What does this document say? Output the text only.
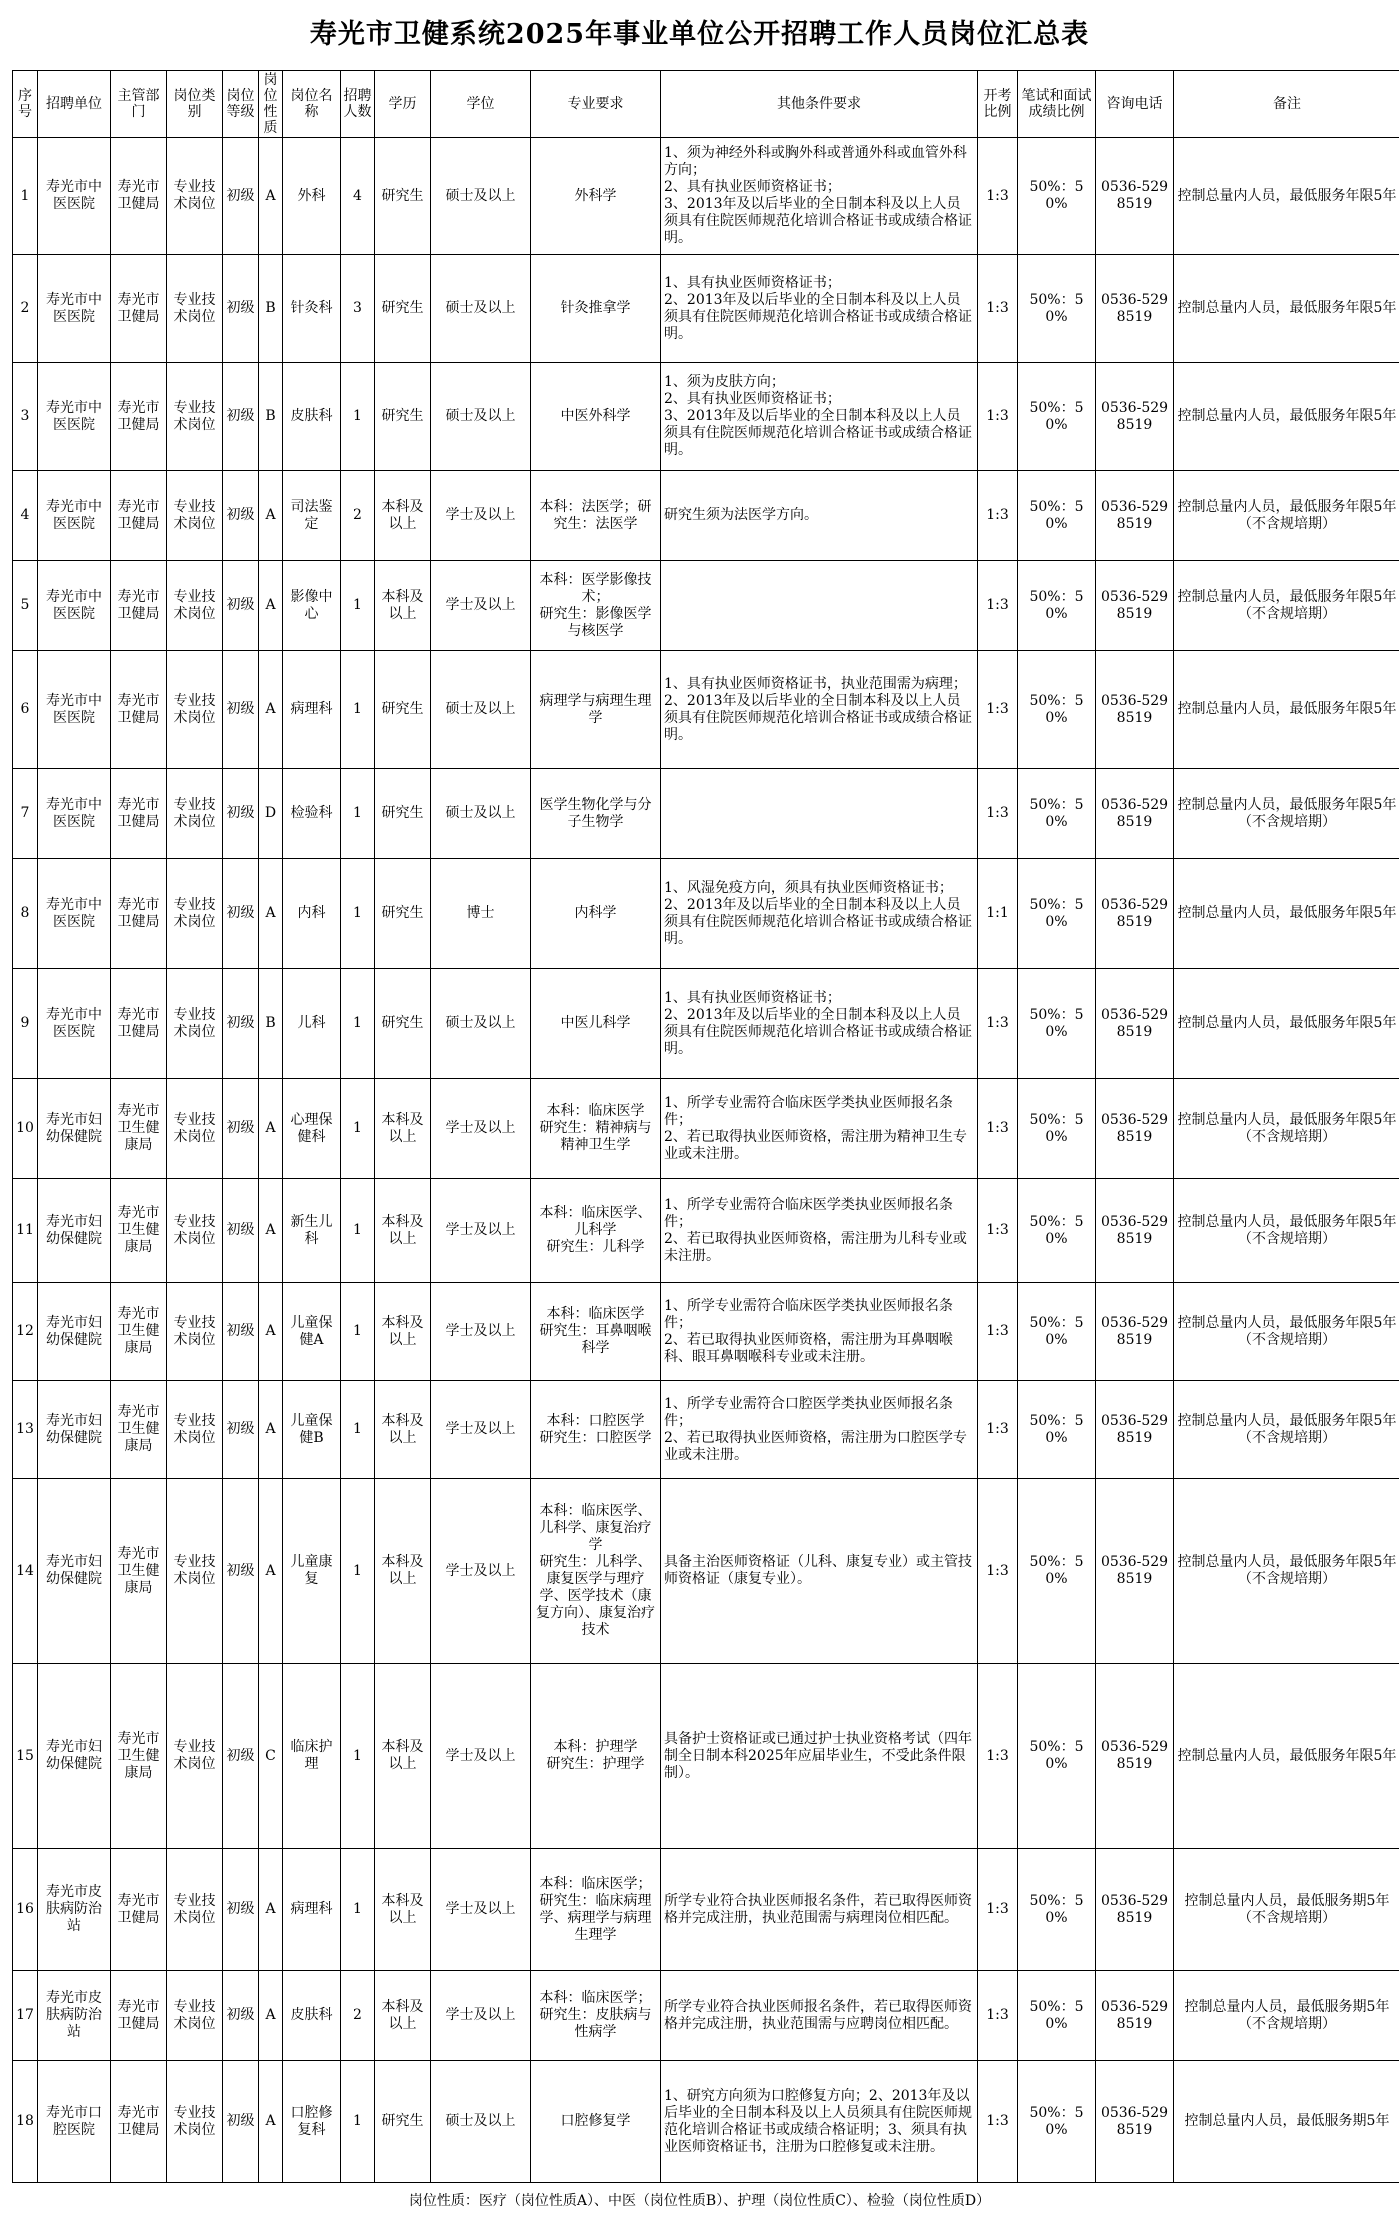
寿光市卫健系统2025年事业单位公开招聘工作人员岗位汇总表
序号	招聘单位	主管部门	岗位类别	岗位等级	岗位性质	岗位名称	招聘人数	学历	学位	专业要求	其他条件要求	开考比例	笔试和面试成绩比例	咨询电话	备注
1	寿光市中医医院	寿光市卫健局	专业技术岗位	初级	A	外科	4	研究生	硕士及以上	外科学	1、须为神经外科或胸外科或普通外科或血管外科方向；
2、具有执业医师资格证书；
3、2013年及以后毕业的全日制本科及以上人员须具有住院医师规范化培训合格证书或成绩合格证明。	1:3	50%：50%	0536-5298519	控制总量内人员，最低服务年限5年
2	寿光市中医医院	寿光市卫健局	专业技术岗位	初级	B	针灸科	3	研究生	硕士及以上	针灸推拿学	1、具有执业医师资格证书；
2、2013年及以后毕业的全日制本科及以上人员须具有住院医师规范化培训合格证书或成绩合格证明。	1:3	50%：50%	0536-5298519	控制总量内人员，最低服务年限5年
3	寿光市中医医院	寿光市卫健局	专业技术岗位	初级	B	皮肤科	1	研究生	硕士及以上	中医外科学	1、须为皮肤方向；
2、具有执业医师资格证书；
3、2013年及以后毕业的全日制本科及以上人员须具有住院医师规范化培训合格证书或成绩合格证明。	1:3	50%：50%	0536-5298519	控制总量内人员，最低服务年限5年
4	寿光市中医医院	寿光市卫健局	专业技术岗位	初级	A	司法鉴定	2	本科及以上	学士及以上	本科：法医学；研究生：法医学	研究生须为法医学方向。	1:3	50%：50%	0536-5298519	控制总量内人员，最低服务年限5年（不含规培期）
5	寿光市中医医院	寿光市卫健局	专业技术岗位	初级	A	影像中心	1	本科及以上	学士及以上	本科：医学影像技术；
研究生：影像医学与核医学		1:3	50%：50%	0536-5298519	控制总量内人员，最低服务年限5年（不含规培期）
6	寿光市中医医院	寿光市卫健局	专业技术岗位	初级	A	病理科	1	研究生	硕士及以上	病理学与病理生理学	1、具有执业医师资格证书，执业范围需为病理；
2、2013年及以后毕业的全日制本科及以上人员须具有住院医师规范化培训合格证书或成绩合格证明。	1:3	50%：50%	0536-5298519	控制总量内人员，最低服务年限5年
7	寿光市中医医院	寿光市卫健局	专业技术岗位	初级	D	检验科	1	研究生	硕士及以上	医学生物化学与分子生物学		1:3	50%：50%	0536-5298519	控制总量内人员，最低服务年限5年（不含规培期）
8	寿光市中医医院	寿光市卫健局	专业技术岗位	初级	A	内科	1	研究生	博士	内科学	1、风湿免疫方向，须具有执业医师资格证书；
2、2013年及以后毕业的全日制本科及以上人员须具有住院医师规范化培训合格证书或成绩合格证明。	1:1	50%：50%	0536-5298519	控制总量内人员，最低服务年限5年
9	寿光市中医医院	寿光市卫健局	专业技术岗位	初级	B	儿科	1	研究生	硕士及以上	中医儿科学	1、具有执业医师资格证书；
2、2013年及以后毕业的全日制本科及以上人员须具有住院医师规范化培训合格证书或成绩合格证明。	1:3	50%：50%	0536-5298519	控制总量内人员，最低服务年限5年
10	寿光市妇幼保健院	寿光市卫生健康局	专业技术岗位	初级	A	心理保健科	1	本科及以上	学士及以上	本科：临床医学
研究生：精神病与精神卫生学	1、所学专业需符合临床医学类执业医师报名条件；
2、若已取得执业医师资格，需注册为精神卫生专业或未注册。	1:3	50%：50%	0536-5298519	控制总量内人员，最低服务年限5年（不含规培期）
11	寿光市妇幼保健院	寿光市卫生健康局	专业技术岗位	初级	A	新生儿科	1	本科及以上	学士及以上	本科：临床医学、儿科学
研究生：儿科学	1、所学专业需符合临床医学类执业医师报名条件；
2、若已取得执业医师资格，需注册为儿科专业或未注册。	1:3	50%：50%	0536-5298519	控制总量内人员，最低服务年限5年（不含规培期）
12	寿光市妇幼保健院	寿光市卫生健康局	专业技术岗位	初级	A	儿童保健A	1	本科及以上	学士及以上	本科：临床医学
研究生：耳鼻咽喉科学	1、所学专业需符合临床医学类执业医师报名条件；
2、若已取得执业医师资格，需注册为耳鼻咽喉科、眼耳鼻咽喉科专业或未注册。	1:3	50%：50%	0536-5298519	控制总量内人员，最低服务年限5年（不含规培期）
13	寿光市妇幼保健院	寿光市卫生健康局	专业技术岗位	初级	A	儿童保健B	1	本科及以上	学士及以上	本科：口腔医学
研究生：口腔医学	1、所学专业需符合口腔医学类执业医师报名条件；
2、若已取得执业医师资格，需注册为口腔医学专业或未注册。	1:3	50%：50%	0536-5298519	控制总量内人员，最低服务年限5年（不含规培期）
14	寿光市妇幼保健院	寿光市卫生健康局	专业技术岗位	初级	A	儿童康复	1	本科及以上	学士及以上	本科：临床医学、儿科学、康复治疗学
研究生：儿科学、康复医学与理疗学、医学技术（康复方向）、康复治疗技术	具备主治医师资格证（儿科、康复专业）或主管技师资格证（康复专业）。	1:3	50%：50%	0536-5298519	控制总量内人员，最低服务年限5年（不含规培期）
15	寿光市妇幼保健院	寿光市卫生健康局	专业技术岗位	初级	C	临床护理	1	本科及以上	学士及以上	本科：护理学
研究生：护理学	具备护士资格证或已通过护士执业资格考试（四年制全日制本科2025年应届毕业生，不受此条件限制）。	1:3	50%：50%	0536-5298519	控制总量内人员，最低服务年限5年
16	寿光市皮肤病防治站	寿光市卫健局	专业技术岗位	初级	A	病理科	1	本科及以上	学士及以上	本科：临床医学；
研究生：临床病理学、病理学与病理生理学	所学专业符合执业医师报名条件，若已取得医师资格并完成注册，执业范围需与病理岗位相匹配。	1:3	50%：50%	0536-5298519	控制总量内人员，最低服务期5年（不含规培期）
17	寿光市皮肤病防治站	寿光市卫健局	专业技术岗位	初级	A	皮肤科	2	本科及以上	学士及以上	本科：临床医学；
研究生：皮肤病与性病学	所学专业符合执业医师报名条件，若已取得医师资格并完成注册，执业范围需与应聘岗位相匹配。	1:3	50%：50%	0536-5298519	控制总量内人员，最低服务期5年（不含规培期）
18	寿光市口腔医院	寿光市卫健局	专业技术岗位	初级	A	口腔修复科	1	研究生	硕士及以上	口腔修复学	1、研究方向须为口腔修复方向；2、2013年及以后毕业的全日制本科及以上人员须具有住院医师规范化培训合格证书或成绩合格证明；3、须具有执业医师资格证书，注册为口腔修复或未注册。	1:3	50%：50%	0536-5298519	控制总量内人员，最低服务期5年
岗位性质：医疗（岗位性质A）、中医（岗位性质B）、护理（岗位性质C）、检验（岗位性质D）
